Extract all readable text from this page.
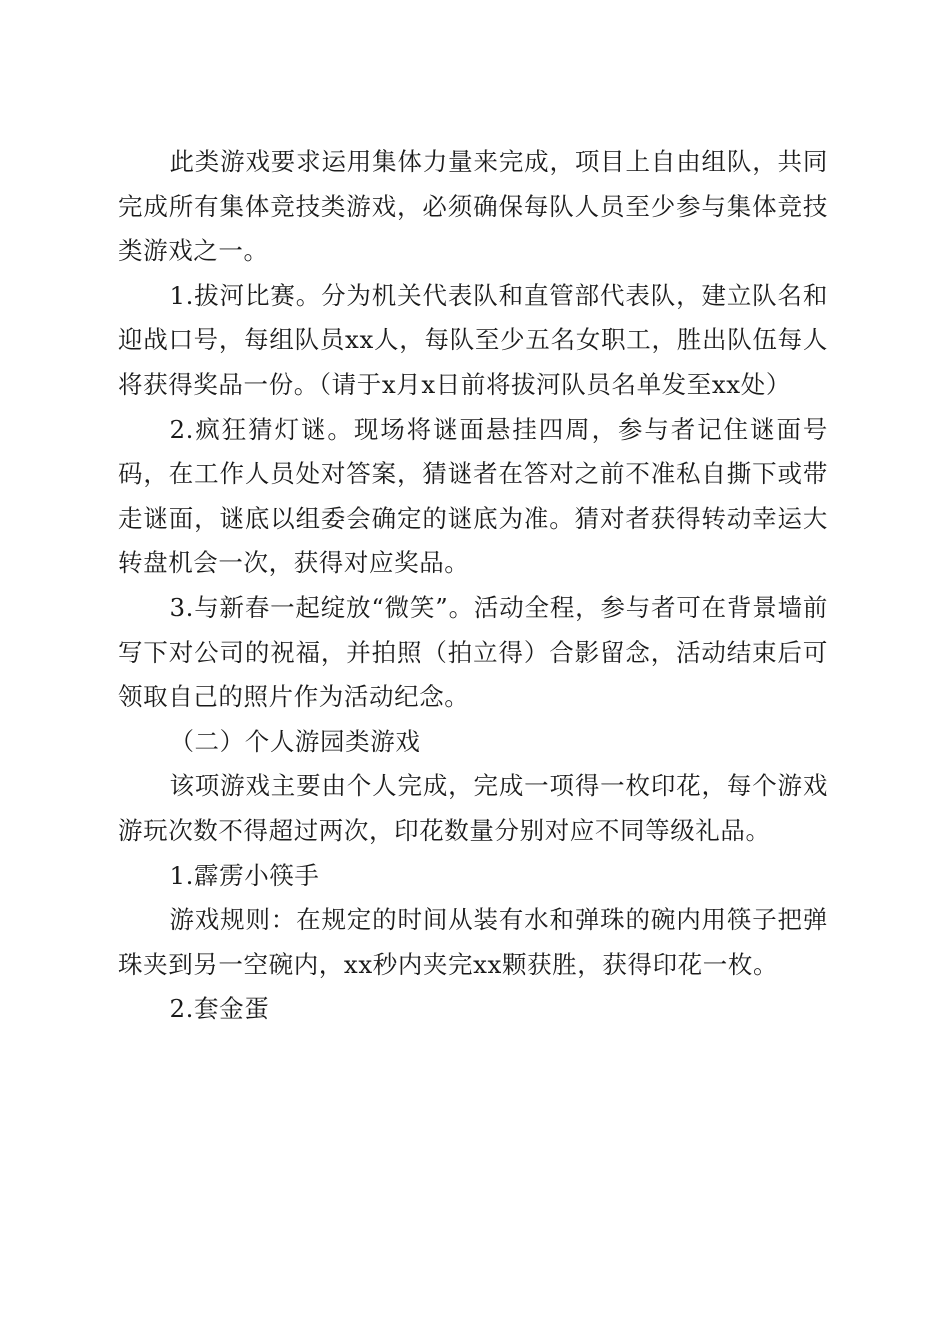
此类游戏要求运用集体力量来完成，项目上自由组队，共同完成所有集体竞技类游戏，必须确保每队人员至少参与集体竞技类游戏之一。

1.拔河比赛。分为机关代表队和直管部代表队，建立队名和迎战口号，每组队员xx人，每队至少五名女职工，胜出队伍每人将获得奖品一份。（请于x月x日前将拔河队员名单发至xx处）

2.疯狂猜灯谜。现场将谜面悬挂四周，参与者记住谜面号码，在工作人员处对答案，猜谜者在答对之前不准私自撕下或带走谜面，谜底以组委会确定的谜底为准。猜对者获得转动幸运大转盘机会一次，获得对应奖品。

3.与新春一起绽放“微笑”。活动全程，参与者可在背景墙前写下对公司的祝福，并拍照（拍立得）合影留念，活动结束后可领取自己的照片作为活动纪念。

（二）个人游园类游戏

该项游戏主要由个人完成，完成一项得一枚印花，每个游戏游玩次数不得超过两次，印花数量分别对应不同等级礼品。

1.霹雳小筷手

游戏规则：在规定的时间从装有水和弹珠的碗内用筷子把弹珠夹到另一空碗内，xx秒内夹完xx颗获胜，获得印花一枚。

2.套金蛋
